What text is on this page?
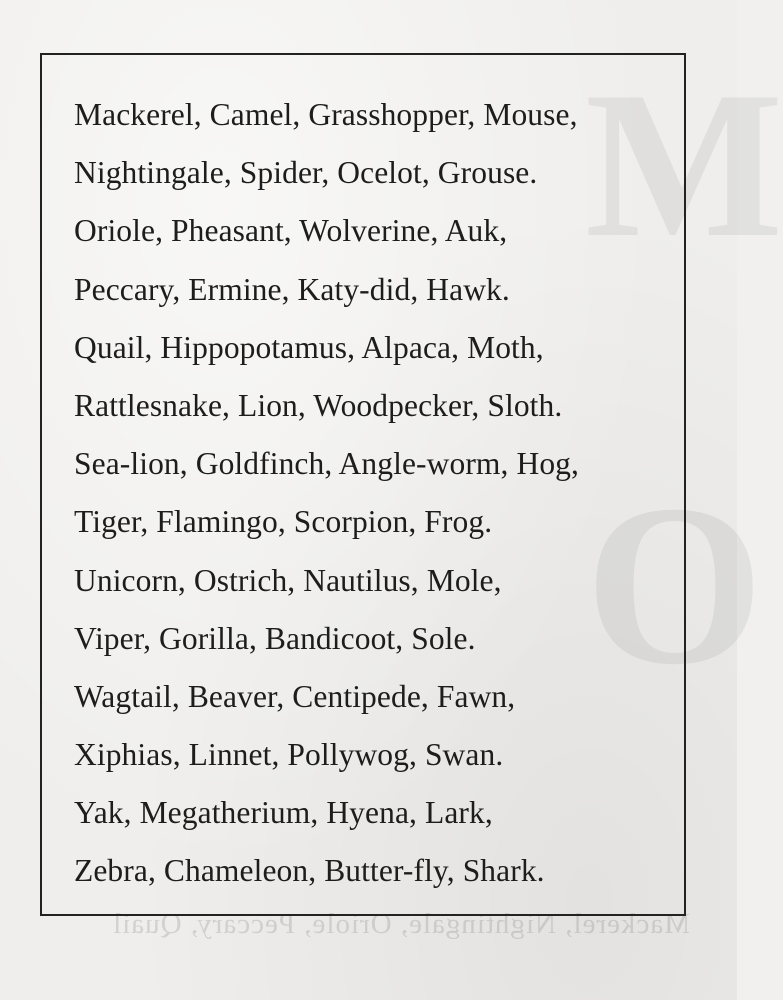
Mackerel, Nightingale, Oriole, Peccary, Quail
Mackerel, Camel, Grasshopper, Mouse,
Nightingale, Spider, Ocelot, Grouse.
Oriole, Pheasant, Wolverine, Auk,
Peccary, Ermine, Katy-did, Hawk.
Quail, Hippopotamus, Alpaca, Moth,
Rattlesnake, Lion, Woodpecker, Sloth.
Sea-lion, Goldfinch, Angle-worm, Hog,
Tiger, Flamingo, Scorpion, Frog.
Unicorn, Ostrich, Nautilus, Mole,
Viper, Gorilla, Bandicoot, Sole.
Wagtail, Beaver, Centipede, Fawn,
Xiphias, Linnet, Pollywog, Swan.
Yak, Megatherium, Hyena, Lark,
Zebra, Chameleon, Butter-fly, Shark.
